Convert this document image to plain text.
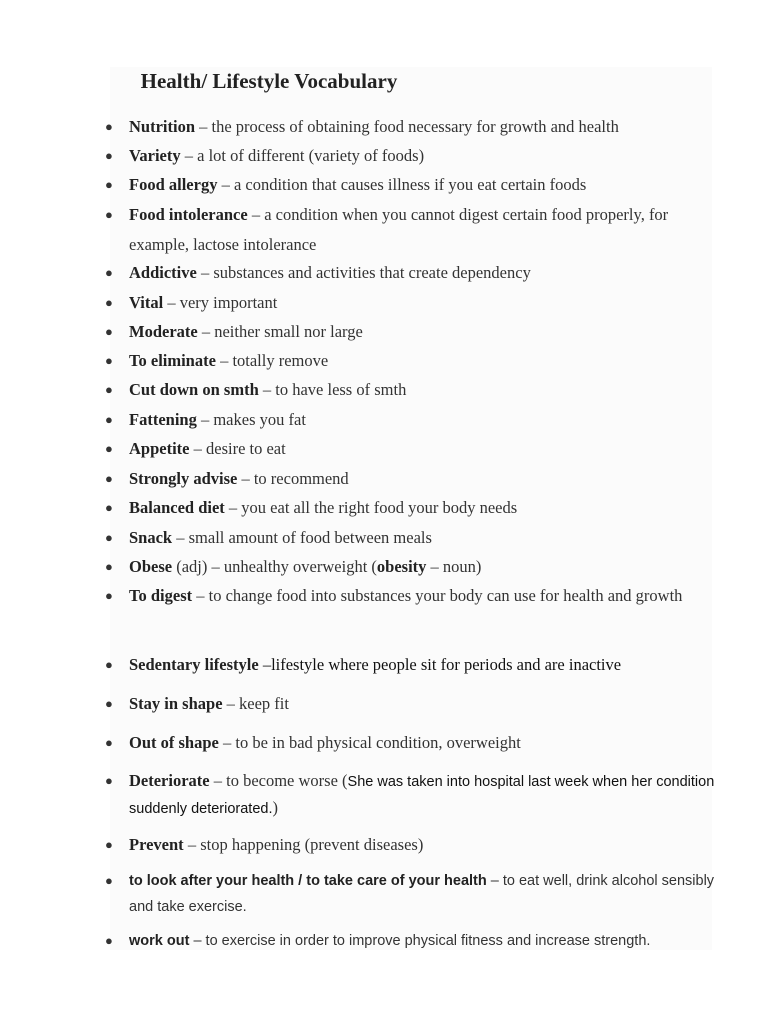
Health/ Lifestyle Vocabulary
● Nutrition – the process of obtaining food necessary for growth and health
● Variety – a lot of different (variety of foods)
● Food allergy – a condition that causes illness if you eat certain foods
● Food intolerance – a condition when you cannot digest certain food properly, for example, lactose intolerance
● Addictive – substances and activities that create dependency
● Vital – very important
● Moderate – neither small nor large
● To eliminate – totally remove
● Cut down on smth – to have less of smth
● Fattening – makes you fat
● Appetite – desire to eat
● Strongly advise – to recommend
● Balanced diet – you eat all the right food your body needs
● Snack – small amount of food between meals
● Obese (adj) – unhealthy overweight (obesity – noun)
● To digest – to change food into substances your body can use for health and growth
● Sedentary lifestyle –lifestyle where people sit for periods and are inactive
● Stay in shape – keep fit
● Out of shape – to be in bad physical condition, overweight
● Deteriorate – to become worse (She was taken into hospital last week when her condition suddenly deteriorated.)
● Prevent – stop happening (prevent diseases)
● to look after your health / to take care of your health – to eat well, drink alcohol sensibly and take exercise.
● work out – to exercise in order to improve physical fitness and increase strength.
